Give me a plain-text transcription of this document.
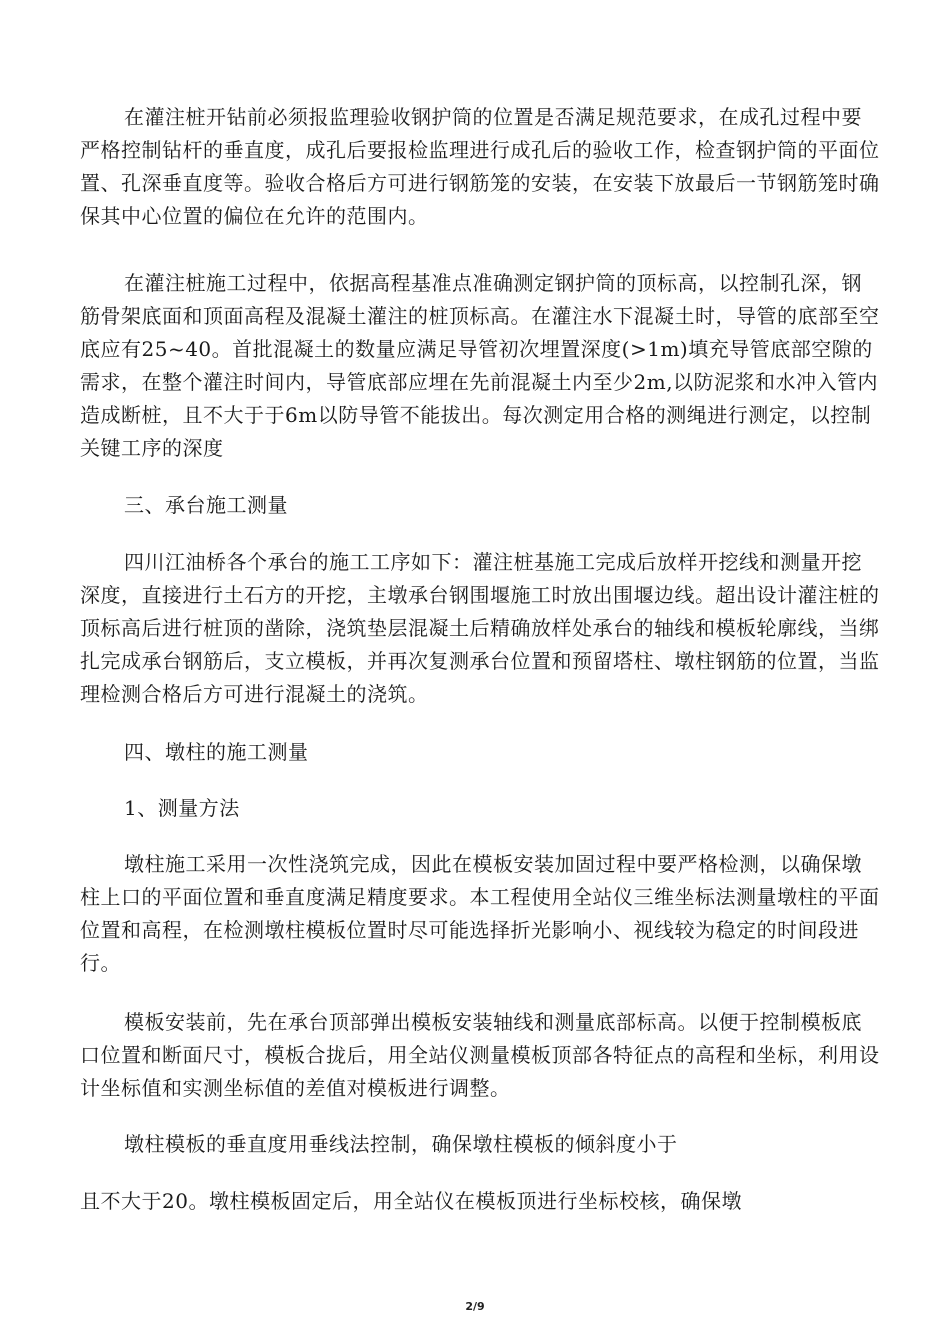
在灌注桩开钻前必须报监理验收钢护筒的位置是否满足规范要求，在成孔过程中要严格控制钻杆的垂直度，成孔后要报检监理进行成孔后的验收工作，检查钢护筒的平面位置、孔深垂直度等。验收合格后方可进行钢筋笼的安装，在安装下放最后一节钢筋笼时确保其中心位置的偏位在允许的范围内。
在灌注桩施工过程中，依据高程基准点准确测定钢护筒的顶标高，以控制孔深，钢筋骨架底面和顶面高程及混凝土灌注的桩顶标高。在灌注水下混凝土时，导管的底部至空底应有25~40。首批混凝土的数量应满足导管初次埋置深度(>1m)填充导管底部空隙的需求，在整个灌注时间内，导管底部应埋在先前混凝土内至少2m,以防泥浆和水冲入管内造成断桩，且不大于于6m以防导管不能拔出。每次测定用合格的测绳进行测定，以控制关键工序的深度
三、承台施工测量
四川江油桥各个承台的施工工序如下：灌注桩基施工完成后放样开挖线和测量开挖深度，直接进行土石方的开挖，主墩承台钢围堰施工时放出围堰边线。超出设计灌注桩的顶标高后进行桩顶的凿除，浇筑垫层混凝土后精确放样处承台的轴线和模板轮廓线，当绑扎完成承台钢筋后，支立模板，并再次复测承台位置和预留塔柱、墩柱钢筋的位置，当监理检测合格后方可进行混凝土的浇筑。
四、墩柱的施工测量
1、测量方法
墩柱施工采用一次性浇筑完成，因此在模板安装加固过程中要严格检测，以确保墩柱上口的平面位置和垂直度满足精度要求。本工程使用全站仪三维坐标法测量墩柱的平面位置和高程，在检测墩柱模板位置时尽可能选择折光影响小、视线较为稳定的时间段进行。
模板安装前，先在承台顶部弹出模板安装轴线和测量底部标高。以便于控制模板底口位置和断面尺寸，模板合拢后，用全站仪测量模板顶部各特征点的高程和坐标，利用设计坐标值和实测坐标值的差值对模板进行调整。
墩柱模板的垂直度用垂线法控制，确保墩柱模板的倾斜度小于
且不大于20。墩柱模板固定后，用全站仪在模板顶进行坐标校核，确保墩
2/9
